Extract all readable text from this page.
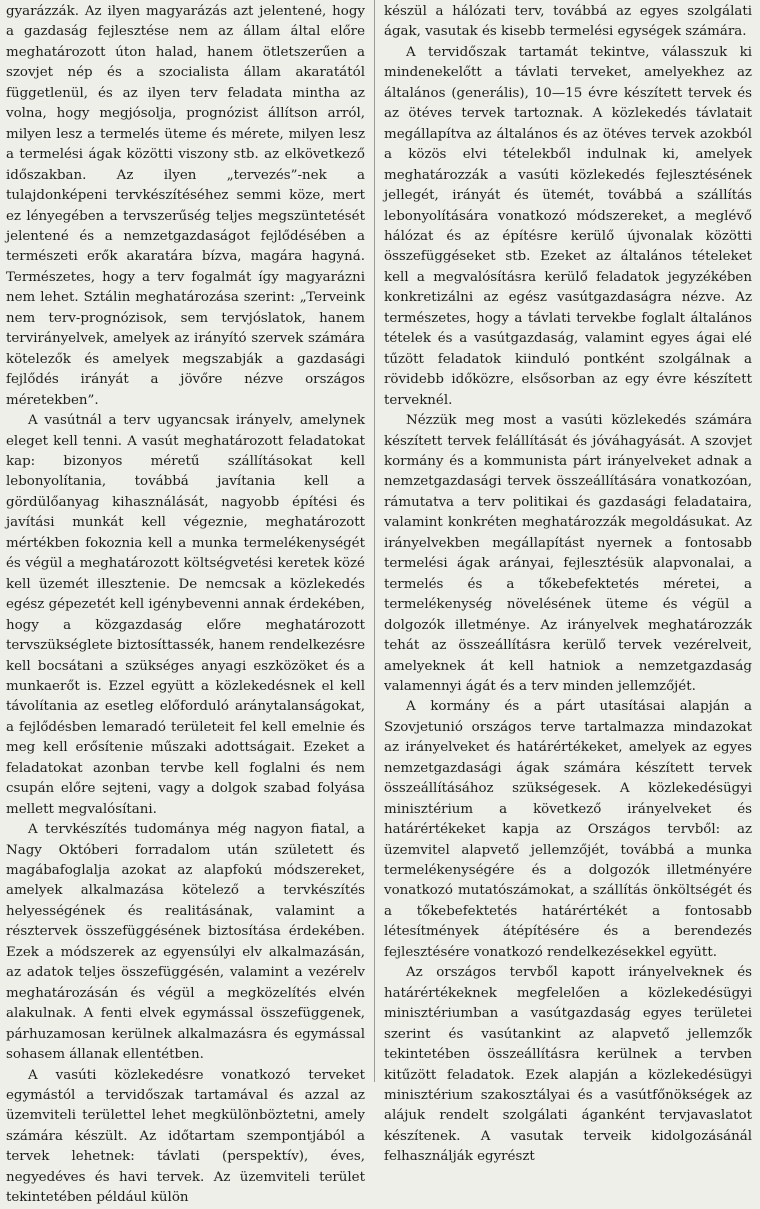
gyarázzák. Az ilyen magyarázás azt jelentené, hogy a gazdaság fejlesztése nem az állam által előre meghatározott úton halad, hanem ötletszerűen a szovjet nép és a szocialista állam akaratától függetlenül, és az ilyen terv feladata mintha az volna, hogy megjósolja, prognózist állítson arról, milyen lesz a termelés üteme és mérete, milyen lesz a termelési ágak közötti viszony stb. az elkövetkező időszakban. Az ilyen „tervezés”-nek a tulajdonképeni tervkészítéséhez semmi köze, mert ez lényegében a tervszerűség teljes megszüntetését jelentené és a nemzetgazdaságot fejlődésében a természeti erők akaratára bízva, magára hagyná. Természetes, hogy a terv fogalmát így magyarázni nem lehet. Sztálin meghatározása szerint: „Terveink nem terv-prognózisok, sem tervjóslatok, hanem tervirányelvek, amelyek az irányító szervek számára kötelezők és amelyek megszabják a gazdasági fejlődés irányát a jövőre nézve országos méretekben”.

A vasútnál a terv ugyancsak irányelv, amelynek eleget kell tenni. A vasút meghatározott feladatokat kap: bizonyos méretű szállításokat kell lebonyolítania, továbbá javítania kell a gördülőanyag kihasználását, nagyobb építési és javítási munkát kell végeznie, meghatározott mértékben fokoznia kell a munka termelékenységét és végül a meghatározott költségvetési keretek közé kell üzemét illesztenie. De nemcsak a közlekedés egész gépezetét kell igénybevenni annak érdekében, hogy a közgazdaság előre meghatározott tervszükséglete biztosíttassék, hanem rendelkezésre kell bocsátani a szükséges anyagi eszközöket és a munkaerőt is. Ezzel együtt a közlekedésnek el kell távolítania az esetleg előforduló aránytalanságokat, a fejlődésben lemaradó területeit fel kell emelnie és meg kell erősítenie műszaki adottságait. Ezeket a feladatokat azonban tervbe kell foglalni és nem csupán előre sejteni, vagy a dolgok szabad folyása mellett megvalósítani.

A tervkészítés tudománya még nagyon fiatal, a Nagy Októberi forradalom után született és magábafoglalja azokat az alapfokú módszereket, amelyek alkalmazása kötelező a tervkészítés helyességének és realitásának, valamint a résztervek összefüggésének biztosítása érdekében. Ezek a módszerek az egyensúlyi elv alkalmazásán, az adatok teljes összefüggésén, valamint a vezérelv meghatározásán és végül a megközelítés elvén alakulnak. A fenti elvek egymással összefüggenek, párhuzamosan kerülnek alkalmazásra és egymással sohasem állanak ellentétben.

A vasúti közlekedésre vonatkozó terveket egymástól a tervidőszak tartamával és azzal az üzemviteli területtel lehet megkülönböztetni, amely számára készült. Az időtartam szempontjából a tervek lehetnek: távlati (perspektív), éves, negyedéves és havi tervek. Az üzemviteli terület tekintetében például külön

készül a hálózati terv, továbbá az egyes szolgálati ágak, vasutak és kisebb termelési egységek számára.

A tervidőszak tartamát tekintve, válasszuk ki mindenekelőtt a távlati terveket, amelyekhez az általános (generális), 10—15 évre készített tervek és az ötéves tervek tartoznak. A közlekedés távlatait megállapítva az általános és az ötéves tervek azokból a közös elvi tételekből indulnak ki, amelyek meghatározzák a vasúti közlekedés fejlesztésének jellegét, irányát és ütemét, továbbá a szállítás lebonyolítására vonatkozó módszereket, a meglévő hálózat és az építésre kerülő újvonalak közötti összefüggéseket stb. Ezeket az általános tételeket kell a megvalósításra kerülő feladatok jegyzékében konkretizálni az egész vasútgazdaságra nézve. Az természetes, hogy a távlati tervekbe foglalt általános tételek és a vasútgazdaság, valamint egyes ágai elé tűzött feladatok kiinduló pontként szolgálnak a rövidebb időközre, elsősorban az egy évre készített terveknél.

Nézzük meg most a vasúti közlekedés számára készített tervek felállítását és jóváhagyását. A szovjet kormány és a kommunista párt irányelveket adnak a nemzetgazdasági tervek összeállítására vonatkozóan, rámutatva a terv politikai és gazdasági feladataira, valamint konkréten meghatározzák megoldásukat. Az irányelvekben megállapítást nyernek a fontosabb termelési ágak arányai, fejlesztésük alapvonalai, a termelés és a tőkebefektetés méretei, a termelékenység növelésének üteme és végül a dolgozók illetménye. Az irányelvek meghatározzák tehát az összeállításra kerülő tervek vezérelveit, amelyeknek át kell hatniok a nemzetgazdaság valamennyi ágát és a terv minden jellemzőjét.

A kormány és a párt utasításai alapján a Szovjetunió országos terve tartalmazza mindazokat az irányelveket és határértékeket, amelyek az egyes nemzetgazdasági ágak számára készített tervek összeállításához szükségesek. A közlekedésügyi minisztérium a következő irányelveket és határértékeket kapja az Országos tervből: az üzemvitel alapvető jellemzőjét, továbbá a munka termelékenységére és a dolgozók illetményére vonatkozó mutatószámokat, a szállítás önköltségét és a tőkebefektetés határértékét a fontosabb létesítmények átépítésére és a berendezés fejlesztésére vonatkozó rendelkezésekkel együtt.

Az országos tervből kapott irányelveknek és határértékeknek megfelelően a közlekedésügyi minisztériumban a vasútgazdaság egyes területei szerint és vasútankint az alapvető jellemzők tekintetében összeállításra kerülnek a tervben kitűzött feladatok. Ezek alapján a közlekedésügyi minisztérium szakosztályai és a vasútfőnökségek az alájuk rendelt szolgálati áganként tervjavaslatot készítenek. A vasutak terveik kidolgozásánál felhasználják egyrészt
